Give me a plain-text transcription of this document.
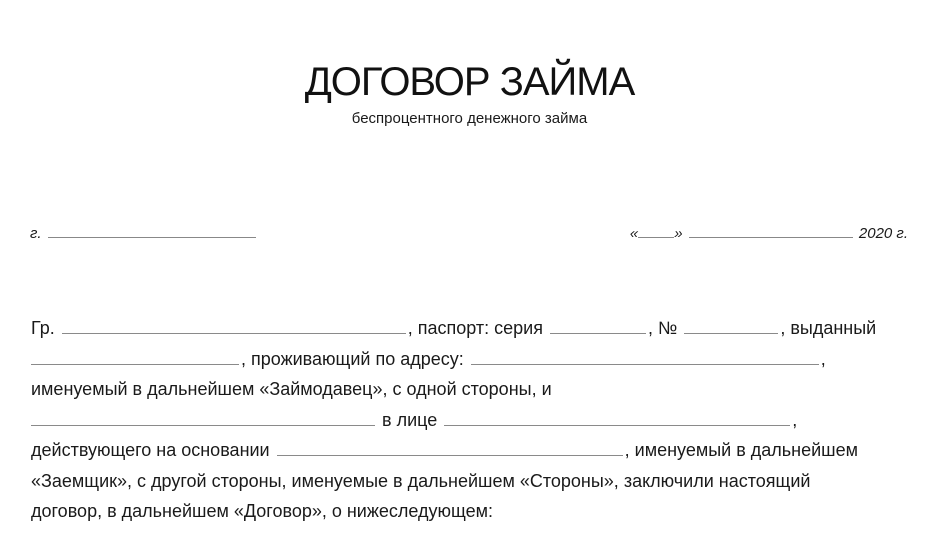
ДОГОВОР ЗАЙМА
беспроцентного денежного займа
г.	« »	2020 г.
Гр.	, паспорт: серия	, №	, выданный
, проживающий по адресу:	,
именуемый в дальнейшем «Займодавец», с одной стороны, и
в лице	,
действующего на основании	, именуемый в дальнейшем
«Заемщик», с другой стороны, именуемые в дальнейшем «Стороны», заключили настоящий
договор, в дальнейшем «Договор», о нижеследующем:
